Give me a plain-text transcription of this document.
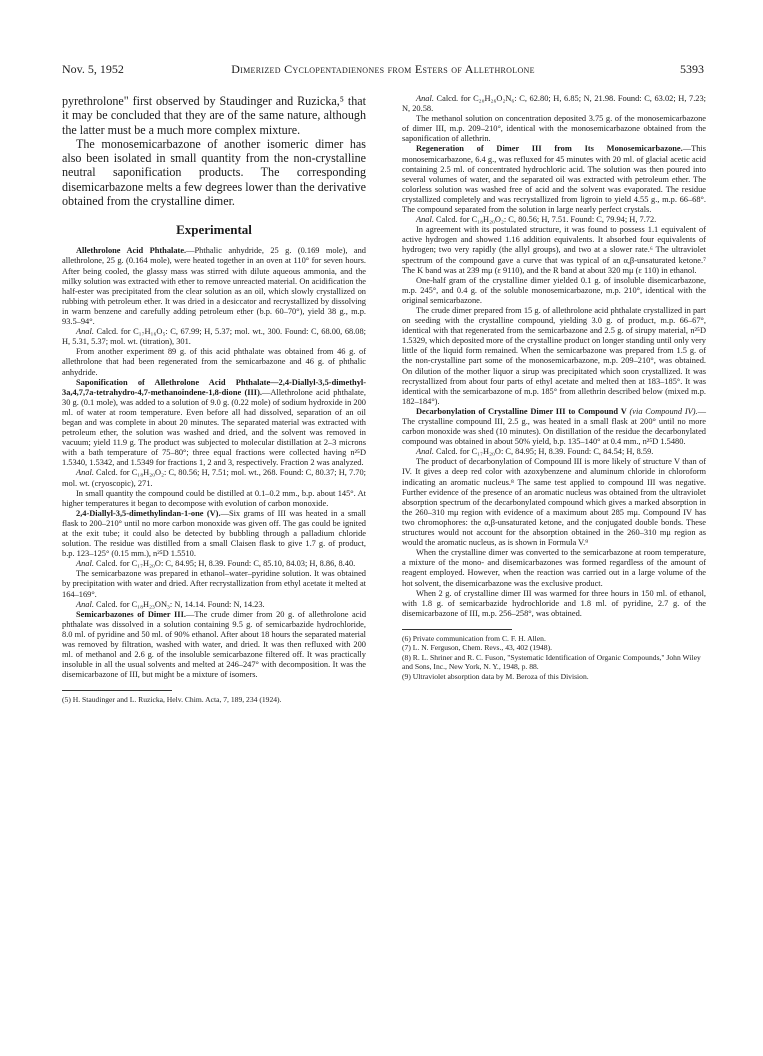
Nov. 5, 1952	Dimerized Cyclopentadienones from Esters of Allethrolone	5393

pyrethrolone" first observed by Staudinger and Ruzicka,⁵ that it may be concluded that they are of the same nature, although the latter must be a much more complex mixture.

The monosemicarbazone of another isomeric dimer has also been isolated in small quantity from the non-crystalline neutral saponification products. The corresponding disemicarbazone melts a few degrees lower than the derivative obtained from the crystalline dimer.

Experimental

Allethrolone Acid Phthalate.—Phthalic anhydride, 25 g. (0.169 mole), and allethrolone, 25 g. (0.164 mole), were heated together in an oven at 110° for seven hours. After being cooled, the glassy mass was stirred with dilute aqueous ammonia, and the milky solution was extracted with ether to remove unreacted material. On acidification the half-ester was precipitated from the clear solution as an oil, which slowly crystallized on rubbing with petroleum ether. It was dried in a desiccator and recrystallized by dissolving in warm benzene and carefully adding petroleum ether (b.p. 60–70°), yield 38 g., m.p. 93.5–94°.

Anal. Calcd. for C₁₇H₁₆O₅: C, 67.99; H, 5.37; mol. wt., 300. Found: C, 68.00, 68.08; H, 5.31, 5.37; mol. wt. (titration), 301.

From another experiment 89 g. of this acid phthalate was obtained from 46 g. of allethrolone that had been regenerated from the semicarbazone and 46 g. of phthalic anhydride.

Saponification of Allethrolone Acid Phthalate—2,4-Diallyl-3,5-dimethyl-3a,4,7,7a-tetrahydro-4,7-methanoindene-1,8-dione (III).—Allethrolone acid phthalate, 30 g. (0.1 mole), was added to a solution of 9.0 g. (0.22 mole) of sodium hydroxide in 200 ml. of water at room temperature. Even before all had dissolved, separation of an oil began and was complete in about 20 minutes. The separated material was extracted with petroleum ether, the solution was washed and dried, and the solvent was removed in vacuum; yield 11.9 g. The product was subjected to molecular distillation at 2–3 microns with a bath temperature of 75–80°; three equal fractions were collected having n²⁵D 1.5340, 1.5342, and 1.5349 for fractions 1, 2 and 3, respectively. Fraction 2 was analyzed.

Anal. Calcd. for C₁₈H₂₀O₂: C, 80.56; H, 7.51; mol. wt., 268. Found: C, 80.37; H, 7.70; mol. wt. (cryoscopic), 271.

In small quantity the compound could be distilled at 0.1–0.2 mm., b.p. about 145°. At higher temperatures it began to decompose with evolution of carbon monoxide.

2,4-Diallyl-3,5-dimethylindan-1-one (V).—Six grams of III was heated in a small flask to 200–210° until no more carbon monoxide was given off. The gas could be ignited at the exit tube; it could also be detected by bubbling through a palladium chloride solution. The residue was distilled from a small Claisen flask to give 1.7 g. of product, b.p. 123–125° (0.15 mm.), n²⁵D 1.5510.

Anal. Calcd. for C₁₇H₂₀O: C, 84.95; H, 8.39. Found: C, 85.10, 84.03; H, 8.86, 8.40.

The semicarbazone was prepared in ethanol–water–pyridine solution. It was obtained by precipitation with water and dried. After recrystallization from ethyl acetate it melted at 164–169°.

Anal. Calcd. for C₁₈H₂₃ON₃: N, 14.14. Found: N, 14.23.

Semicarbazones of Dimer III.—The crude dimer from 20 g. of allethrolone acid phthalate was dissolved in a solution containing 9.5 g. of semicarbazide hydrochloride, 8.0 ml. of pyridine and 50 ml. of 90% ethanol. After about 18 hours the separated material was removed by filtration, washed with water, and dried. It was then refluxed with 200 ml. of methanol and 2.6 g. of the insoluble semicarbazone filtered off. It was practically insoluble in all the usual solvents and melted at 246–247° with decomposition. It was the disemicarbazone of III, but might be a mixture of isomers.

(5) H. Staudinger and L. Ruzicka, Helv. Chim. Acta, 7, 189, 234 (1924).

Anal. Calcd. for C₂₀H₂₆O₂N₆: C, 62.80; H, 6.85; N, 21.98. Found: C, 63.02; H, 7.23; N, 20.58.

The methanol solution on concentration deposited 3.75 g. of the monosemicarbazone of dimer III, m.p. 209–210°, identical with the monosemicarbazone obtained from the saponification of allethrin.

Regeneration of Dimer III from Its Monosemicarbazone.—This monosemicarbazone, 6.4 g., was refluxed for 45 minutes with 20 ml. of glacial acetic acid containing 2.5 ml. of concentrated hydrochloric acid. The solution was then poured into several volumes of water, and the separated oil was extracted with petroleum ether. The colorless solution was washed free of acid and the solvent was evaporated. The residue crystallized completely and was recrystallized from ligroin to yield 4.55 g., m.p. 66–68°. The compound separated from the solution in large nearly perfect crystals.

Anal. Calcd. for C₁₈H₂₀O₂: C, 80.56; H, 7.51. Found: C, 79.94; H, 7.72.

In agreement with its postulated structure, it was found to possess 1.1 equivalent of active hydrogen and showed 1.16 addition equivalents. It absorbed four equivalents of hydrogen; two very rapidly (the allyl groups), and two at a slower rate.⁶ The ultraviolet spectrum of the compound gave a curve that was typical of an α,β-unsaturated ketone.⁷ The K band was at 239 mμ (ε 9110), and the R band at about 320 mμ (ε 110) in ethanol.

One-half gram of the crystalline dimer yielded 0.1 g. of insoluble disemicarbazone, m.p. 245°, and 0.4 g. of the soluble monosemicarbazone, m.p. 210°, identical with the original semicarbazone.

The crude dimer prepared from 15 g. of allethrolone acid phthalate crystallized in part on seeding with the crystalline compound, yielding 3.0 g. of product, m.p. 66–67°, identical with that regenerated from the semicarbazone and 2.5 g. of sirupy material, n²⁵D 1.5329, which deposited more of the crystalline product on longer standing until only very little of the liquid form remained. When the semicarbazone was prepared from 1.5 g. of the non-crystalline part some of the monosemicarbazone, m.p. 209–210°, was obtained. On dilution of the mother liquor a sirup was precipitated which soon crystallized. It was recrystallized from about four parts of ethyl acetate and melted then at 183–185°. It was identical with the semicarbazone of m.p. 185° from allethrin described below (mixed m.p. 182–184°).

Decarbonylation of Crystalline Dimer III to Compound V (via Compound IV).—The crystalline compound III, 2.5 g., was heated in a small flask at 200° until no more carbon monoxide was shed (10 minutes). On distillation of the residue the decarbonylated compound was obtained in about 50% yield, b.p. 135–140° at 0.4 mm., n²⁵D 1.5480.

Anal. Calcd. for C₁₇H₂₀O: C, 84.95; H, 8.39. Found: C, 84.54; H, 8.59.

The product of decarbonylation of Compound III is more likely of structure V than of IV. It gives a deep red color with azoxybenzene and aluminum chloride in chloroform indicating an aromatic nucleus.⁸ The same test applied to compound III was negative. Further evidence of the presence of an aromatic nucleus was obtained from the ultraviolet absorption spectrum of the decarbonylated compound which gives a marked absorption in the 260–310 mμ region with evidence of a maximum about 285 mμ. Compound IV has two chromophores: the α,β-unsaturated ketone, and the conjugated double bonds. These structures would not account for the absorption obtained in the 260–310 mμ region as would the aromatic nucleus, as is shown in Formula V.⁹

When the crystalline dimer was converted to the semicarbazone at room temperature, a mixture of the mono- and disemicarbazones was formed regardless of the amount of reagent employed. However, when the reaction was carried out in a large volume of the hot solvent, the disemicarbazone was the exclusive product.

When 2 g. of crystalline dimer III was warmed for three hours in 150 ml. of ethanol, with 1.8 g. of semicarbazide hydrochloride and 1.8 ml. of pyridine, 2.7 g. of the disemicarbazone of III, m.p. 256–258°, was obtained.

(6) Private communication from C. F. H. Allen.

(7) L. N. Ferguson, Chem. Revs., 43, 402 (1948).

(8) R. L. Shriner and R. C. Fuson, "Systematic Identification of Organic Compounds," John Wiley and Sons, Inc., New York, N. Y., 1948, p. 88.

(9) Ultraviolet absorption data by M. Beroza of this Division.
